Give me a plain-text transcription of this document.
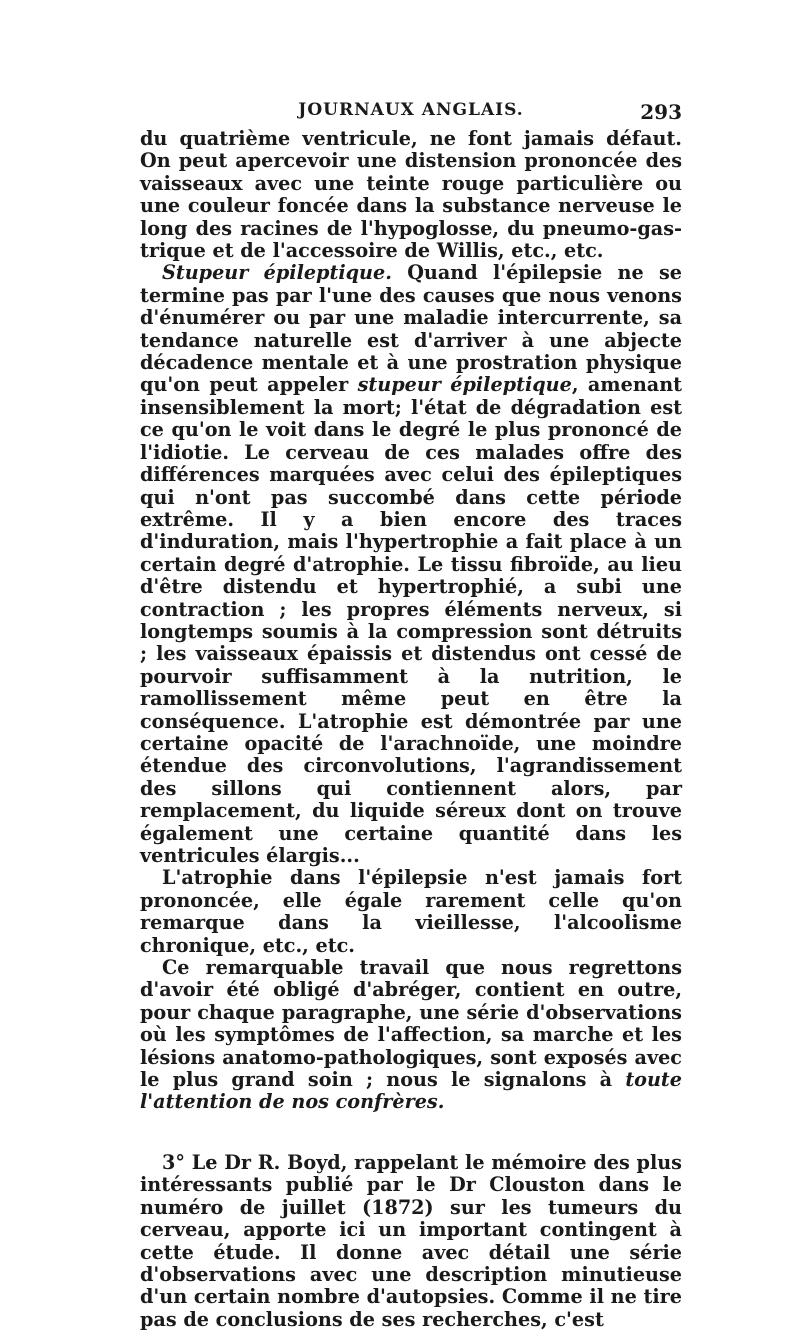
JOURNAUX ANGLAIS.	293

du quatrième ventricule, ne font jamais défaut. On peut apercevoir une distension prononcée des vaisseaux avec une teinte rouge particulière ou une couleur foncée dans la substance nerveuse le long des racines de l'hypoglosse, du pneumo-gastrique et de l'accessoire de Willis, etc., etc.

Stupeur épileptique. Quand l'épilepsie ne se termine pas par l'une des causes que nous venons d'énumérer ou par une maladie intercurrente, sa tendance naturelle est d'arriver à une abjecte décadence mentale et à une prostration physique qu'on peut appeler stupeur épileptique, amenant insensiblement la mort; l'état de dégradation est ce qu'on le voit dans le degré le plus prononcé de l'idiotie. Le cerveau de ces malades offre des différences marquées avec celui des épileptiques qui n'ont pas succombé dans cette période extrême. Il y a bien encore des traces d'induration, mais l'hypertrophie a fait place à un certain degré d'atrophie. Le tissu fibroïde, au lieu d'être distendu et hypertrophié, a subi une contraction ; les propres éléments nerveux, si longtemps soumis à la compression sont détruits ; les vaisseaux épaissis et distendus ont cessé de pourvoir suffisamment à la nutrition, le ramollissement même peut en être la conséquence. L'atrophie est démontrée par une certaine opacité de l'arachnoïde, une moindre étendue des circonvolutions, l'agrandissement des sillons qui contiennent alors, par remplacement, du liquide séreux dont on trouve également une certaine quantité dans les ventricules élargis...

L'atrophie dans l'épilepsie n'est jamais fort prononcée, elle égale rarement celle qu'on remarque dans la vieillesse, l'alcoolisme chronique, etc., etc.

Ce remarquable travail que nous regrettons d'avoir été obligé d'abréger, contient en outre, pour chaque paragraphe, une série d'observations où les symptômes de l'affection, sa marche et les lésions anatomo-pathologiques, sont exposés avec le plus grand soin ; nous le signalons à toute l'attention de nos confrères.

3° Le Dr R. Boyd, rappelant le mémoire des plus intéressants publié par le Dr Clouston dans le numéro de juillet (1872) sur les tumeurs du cerveau, apporte ici un important contingent à cette étude. Il donne avec détail une série d'observations avec une description minutieuse d'un certain nombre d'autopsies. Comme il ne tire pas de conclusions de ses recherches, c'est
